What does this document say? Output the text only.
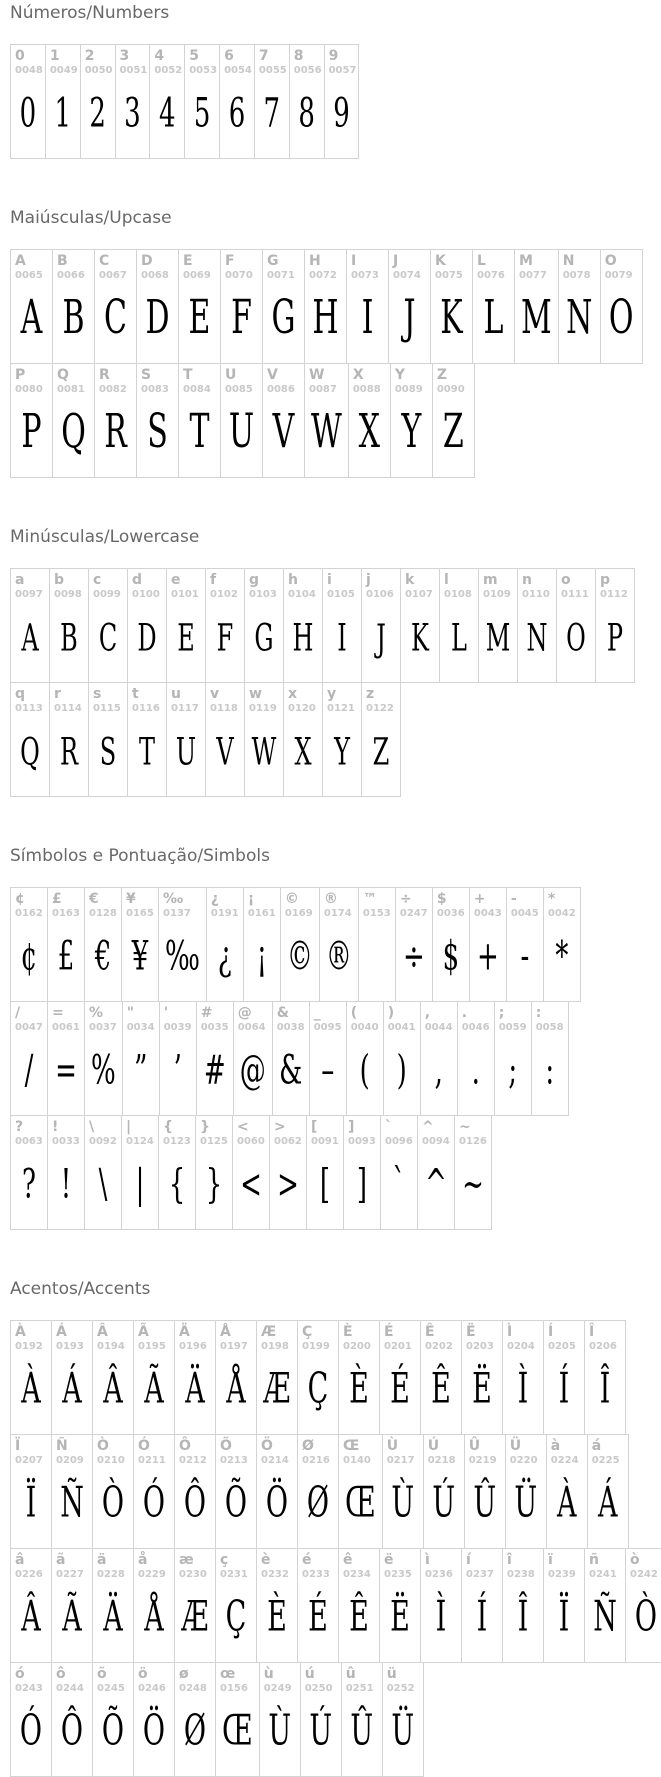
Números/Numbers
0
0048
0
1
0049
1
2
0050
2
3
0051
3
4
0052
4
5
0053
5
6
0054
6
7
0055
7
8
0056
8
9
0057
9
Maiúsculas/Upcase
A
0065
A
B
0066
B
C
0067
C
D
0068
D
E
0069
E
F
0070
F
G
0071
G
H
0072
H
I
0073
I
J
0074
J
K
0075
K
L
0076
L
M
0077
M
N
0078
N
O
0079
O
P
0080
P
Q
0081
Q
R
0082
R
S
0083
S
T
0084
T
U
0085
U
V
0086
V
W
0087
W
X
0088
X
Y
0089
Y
Z
0090
Z
Minúsculas/Lowercase
a
0097
A
b
0098
B
c
0099
C
d
0100
D
e
0101
E
f
0102
F
g
0103
G
h
0104
H
i
0105
I
j
0106
J
k
0107
K
l
0108
L
m
0109
M
n
0110
N
o
0111
O
p
0112
P
q
0113
Q
r
0114
R
s
0115
S
t
0116
T
u
0117
U
v
0118
V
w
0119
W
x
0120
X
y
0121
Y
z
0122
Z
Símbolos e Pontuação/Simbols
¢
0162
¢
£
0163
£
€
0128
€
¥
0165
¥
‰
0137
‰
¿
0191
¿
¡
0161
¡
©
0169
©
®
0174
®
™
0153
÷
0247
÷
$
0036
$
+
0043
+
-
0045
-
*
0042
*
/
0047
/
=
0061
=
%
0037
%
"
0034
”
'
0039
’
#
0035
#
@
0064
@
&
0038
&
_
0095
–
(
0040
(
)
0041
)
,
0044
,
.
0046
.
;
0059
;
:
0058
:
?
0063
?
!
0033
!
\
0092
\
|
0124
|
{
0123
{
}
0125
}
<
0060
<
>
0062
>
[
0091
[
]
0093
]
`
0096
`
^
0094
^
~
0126
~
Acentos/Accents
À
0192
À
Á
0193
Á
Â
0194
Â
Ã
0195
Ã
Ä
0196
Ä
Å
0197
Å
Æ
0198
Æ
Ç
0199
Ç
È
0200
È
É
0201
É
Ê
0202
Ê
Ë
0203
Ë
Ì
0204
Ì
Í
0205
Í
Î
0206
Î
Ï
0207
Ï
Ñ
0209
Ñ
Ò
0210
Ò
Ó
0211
Ó
Ô
0212
Ô
Õ
0213
Õ
Ö
0214
Ö
Ø
0216
Ø
Œ
0140
Œ
Ù
0217
Ù
Ú
0218
Ú
Û
0219
Û
Ü
0220
Ü
à
0224
À
á
0225
Á
â
0226
Â
ã
0227
Ã
ä
0228
Ä
å
0229
Å
æ
0230
Æ
ç
0231
Ç
è
0232
È
é
0233
É
ê
0234
Ê
ë
0235
Ë
ì
0236
Ì
í
0237
Í
î
0238
Î
ï
0239
Ï
ñ
0241
Ñ
ò
0242
Ò
ó
0243
Ó
ô
0244
Ô
õ
0245
Õ
ö
0246
Ö
ø
0248
Ø
œ
0156
Œ
ù
0249
Ù
ú
0250
Ú
û
0251
Û
ü
0252
Ü
